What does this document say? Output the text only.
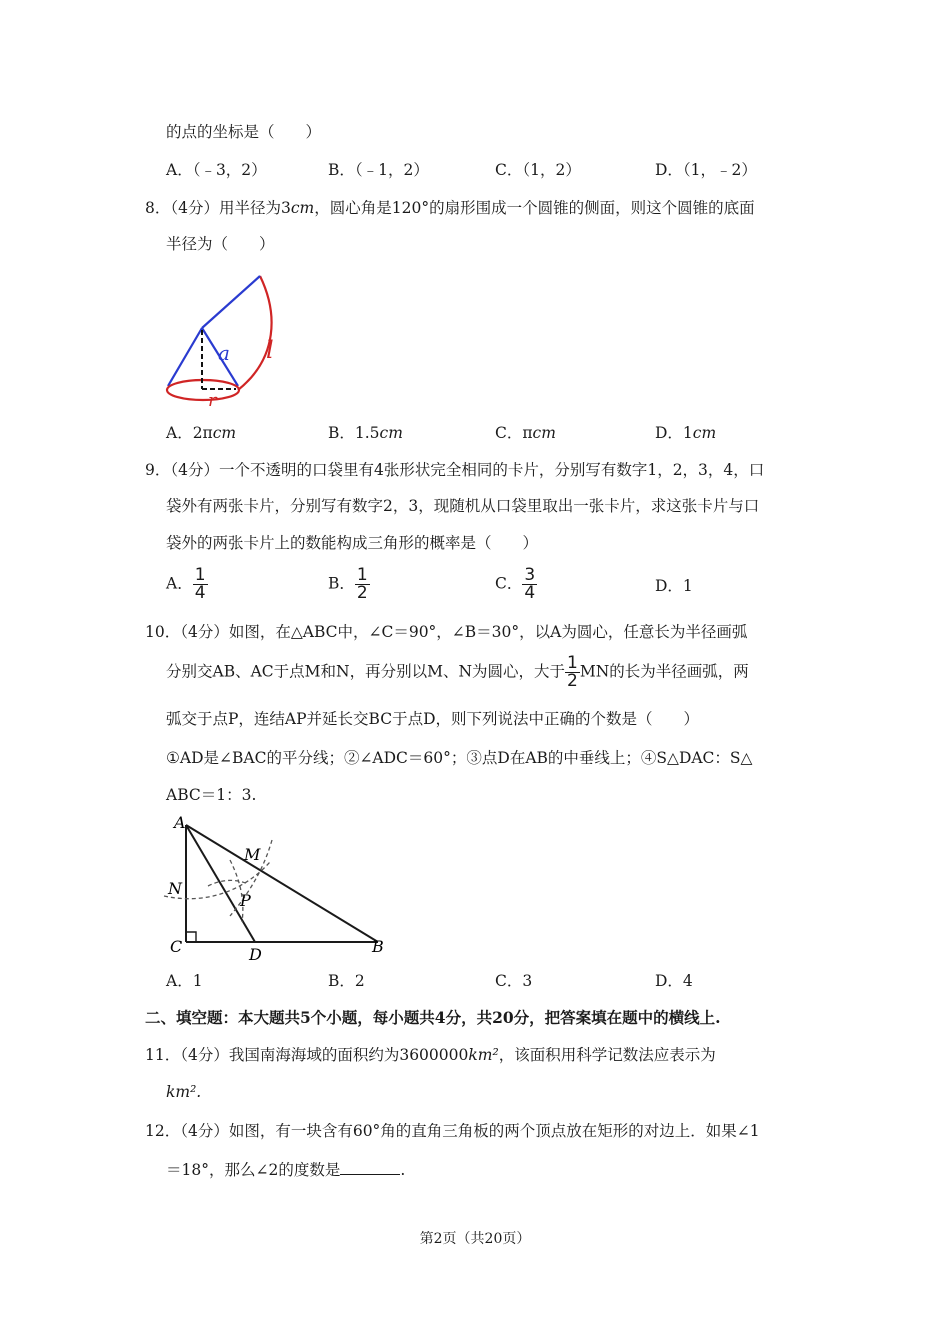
的点的坐标是（　　）
A．（﹣3，2）	B．（﹣1，2）	C．（1，2）	D．（1，﹣2）
8．（4分）用半径为3cm，圆心角是120°的扇形围成一个圆锥的侧面，则这个圆锥的底面
半径为（　　）
a l
r
A．2πcm	B．1.5cm	C．πcm	D．1cm
9．（4分）一个不透明的口袋里有4张形状完全相同的卡片，分别写有数字1，2，3，4，口
袋外有两张卡片，分别写有数字2，3，现随机从口袋里取出一张卡片，求这张卡片与口
袋外的两张卡片上的数能构成三角形的概率是（　　）
A． $\frac{1}{4}$	B． $\frac{1}{2}$	C． $\frac{3}{4}$	D．1
10．（4分）如图，在△ABC中，∠C＝90°，∠B＝30°，以A为圆心，任意长为半径画弧
分别交AB、AC于点M和N，再分别以M、N为圆心，大于 $\frac{1}{2}$ MN的长为半径画弧，两
弧交于点P，连结AP并延长交BC于点D，则下列说法中正确的个数是（　　）
①AD是∠BAC的平分线；②∠ADC＝60°；③点D在AB的中垂线上；④S△DAC：S△
ABC＝1：3.
A
M
N
P
C	D	B
A．1	B．2	C．3	D．4
二、填空题：本大题共5个小题，每小题共4分，共20分，把答案填在题中的横线上.
11．（4分）我国南海海域的面积约为3600000km²，该面积用科学记数法应表示为
km².
12．（4分）如图，有一块含有60°角的直角三角板的两个顶点放在矩形的对边上．如果∠1
＝18°，那么∠2的度数是	.
第2页（共20页）
